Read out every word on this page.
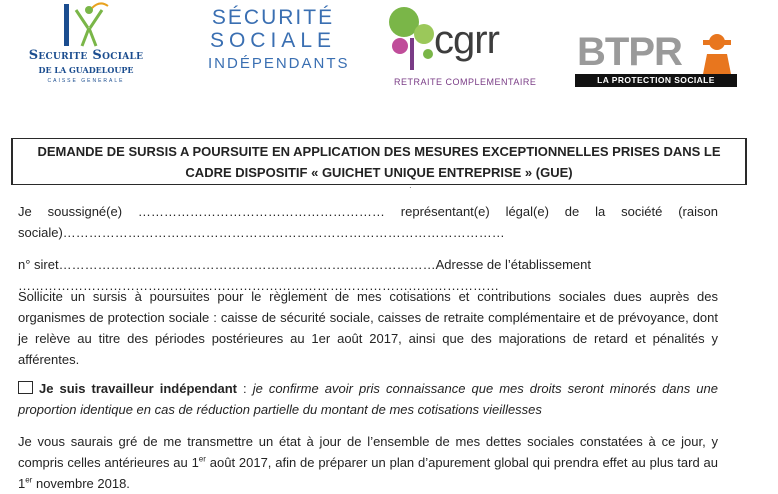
Securite Sociale
DE LA GUADELOUPE
CAISSE GENERALE
SÉCURITÉ
SOCIALE
INDÉPENDANTS
cgrr
RETRAITE COMPLEMENTAIRE
BTPR
LA PROTECTION SOCIALE
DEMANDE DE SURSIS A POURSUITE EN APPLICATION DES MESURES EXCEPTIONNELLES PRISES DANS LE
CADRE DISPOSITIF « GUICHET UNIQUE ENTREPRISE » (GUE)
·
Je soussigné(e) ………………………………………………… représentant(e) légal(e) de la société (raison
sociale)…………………………………………………………………………………………
n° siret……………………………………………………………………………Adresse de l’établissement …………………………………………………………………………………………………
Sollicite un sursis à poursuites pour le règlement de mes cotisations et contributions sociales dues auprès des organismes de protection sociale : caisse de sécurité sociale, caisses de retraite complémentaire et de prévoyance, dont je relève au titre des périodes postérieures au 1er août 2017, ainsi que des majorations de retard et pénalités y afférentes.
Je suis travailleur indépendant : je confirme avoir pris connaissance que mes droits seront minorés dans une proportion identique en cas de réduction partielle du montant de mes cotisations vieillesses
Je vous saurais gré de me transmettre un état à jour de l’ensemble de mes dettes sociales constatées à ce jour, y compris celles antérieures au 1er août 2017, afin de préparer un plan d’apurement global qui prendra effet au plus tard au 1er novembre 2018.
